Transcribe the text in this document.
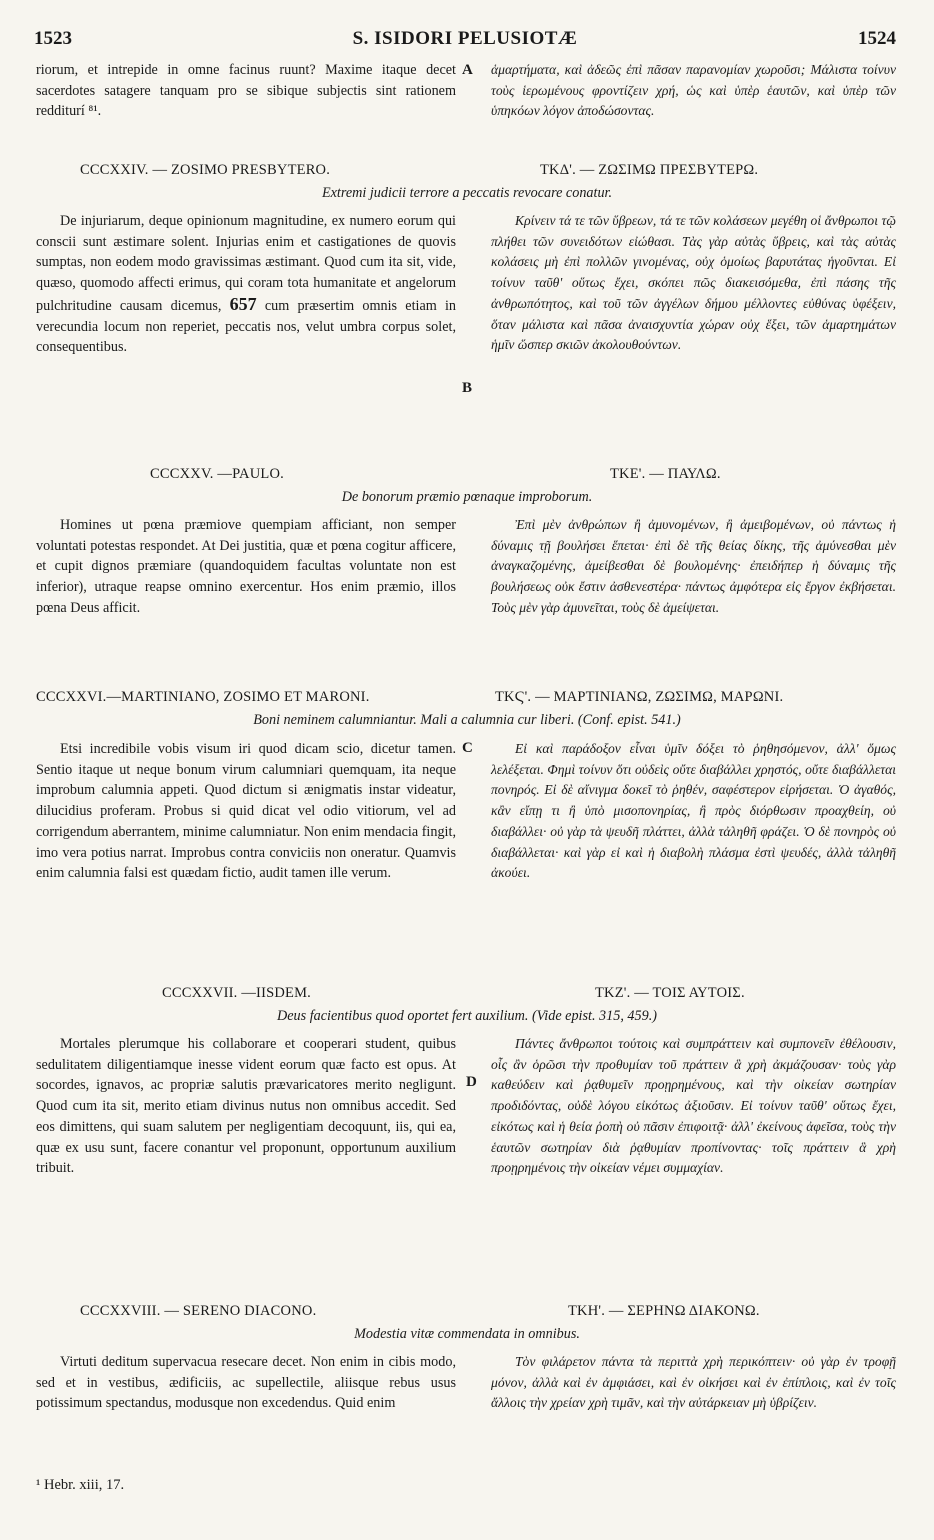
1523	S. ISIDORI PELUSIOTÆ	1524

riorum, et intrepide in omne facinus ruunt? Maxime itaque decet sacerdotes satagere tanquam pro se sibique subjectis sint rationem redditurí ⁸¹.

ἁμαρτήματα, καὶ ἀδεῶς ἐπὶ πᾶσαν παρανομίαν χωροῦσι; Μάλιστα τοίνυν τοὺς ἱερωμένους φροντίζειν χρή, ὡς καὶ ὑπὲρ ἑαυτῶν, καὶ ὑπὲρ τῶν ὑπηκόων λόγον ἀποδώσοντας.

A
CCCXXIV. — ZOSIMO PRESBYTERO.	ΤΚΔ'. — ΖΩΣΙΜΩ ΠΡΕΣΒΥΤΕΡΩ.
Extremi judicii terrore a peccatis revocare conatur.

De injuriarum, deque opinionum magnitudine, ex numero eorum qui conscii sunt æstimare solent. Injurias enim et castigationes de quovis sumptas, non eodem modo gravissimas æstimant. Quod cum ita sit, vide, quæso, quomodo affecti erimus, qui coram tota humanitate et angelorum pulchritudine causam dicemus, 657 cum præsertim omnis etiam in verecundia locum non reperiet, peccatis nos, velut umbra corpus solet, consequentibus.

Κρίνειν τά τε τῶν ὕβρεων, τά τε τῶν κολάσεων μεγέθη οἱ ἄνθρωποι τῷ πλήθει τῶν συνειδότων εἰώθασι. Τὰς γὰρ αὐτὰς ὕβρεις, καὶ τὰς αὐτὰς κολάσεις μὴ ἐπὶ πολλῶν γινομένας, οὐχ ὁμοίως βαρυτάτας ἡγοῦνται. Εἰ τοίνυν ταῦθ' οὕτως ἔχει, σκόπει πῶς διακεισόμεθα, ἐπὶ πάσης τῆς ἀνθρωπότητος, καὶ τοῦ τῶν ἀγγέλων δήμου μέλλοντες εὐθύνας ὑφέξειν, ὅταν μάλιστα καὶ πᾶσα ἀναισχυντία χώραν οὐχ ἕξει, τῶν ἁμαρτημάτων ἡμῖν ὥσπερ σκιῶν ἀκολουθούντων.

B
CCCXXV. —PAULO.	ΤΚΕ'. — ΠΑΥΛΩ.
De bonorum præmio pœnaque improborum.

Homines ut pœna præmiove quempiam afficiant, non semper voluntati potestas respondet. At Dei justitia, quæ et pœna cogitur afficere, et cupit dignos præmiare (quandoquidem facultas voluntate non est inferior), utraque reapse omnino exercentur. Hos enim præmio, illos pœna Deus afficit.

Ἐπὶ μὲν ἀνθρώπων ἢ ἀμυνομένων, ἢ ἀμειβομένων, οὐ πάντως ἡ δύναμις τῇ βουλήσει ἕπεται· ἐπὶ δὲ τῆς θείας δίκης, τῆς ἀμύνεσθαι μὲν ἀναγκαζομένης, ἀμείβεσθαι δὲ βουλομένης· ἐπειδήπερ ἡ δύναμις τῆς βουλήσεως οὐκ ἔστιν ἀσθενεστέρα· πάντως ἀμφότερα εἰς ἔργον ἐκβήσεται. Τοὺς μὲν γὰρ ἀμυνεῖται, τοὺς δὲ ἀμείψεται.

CCCXXVI.—MARTINIANO, ZOSIMO ET MARONI.	ΤΚϚ'. — ΜΑΡΤΙΝΙΑΝΩ, ΖΩΣΙΜΩ, ΜΑΡΩΝΙ.
Boni neminem calumniantur. Mali a calumnia cur liberi. (Conf. epist. 541.)

Etsi incredibile vobis visum iri quod dicam scio, dicetur tamen. Sentio itaque ut neque bonum virum calumniari quemquam, ita neque improbum calumnia appeti. Quod dictum si ænigmatis instar videatur, dilucidius proferam. Probus si quid dicat vel odio vitiorum, vel ad corrigendum aberrantem, minime calumniatur. Non enim mendacia fingit, imo vera potius narrat. Improbus contra conviciis non oneratur. Quamvis enim calumnia falsi est quædam fictio, audit tamen ille verum.

Εἰ καὶ παράδοξον εἶναι ὑμῖν δόξει τὸ ῥηθησόμενον, ἀλλ' ὅμως λελέξεται. Φημὶ τοίνυν ὅτι οὐδεὶς οὔτε διαβάλλει χρηστός, οὔτε διαβάλλεται πονηρός. Εἰ δὲ αἴνιγμα δοκεῖ τὸ ῥηθέν, σαφέστερον εἰρήσεται. Ὁ ἀγαθός, κἂν εἴπῃ τι ἢ ὑπὸ μισοπονηρίας, ἢ πρὸς διόρθωσιν προαχθείη, οὐ διαβάλλει· οὐ γὰρ τὰ ψευδῆ πλάττει, ἀλλὰ τἀληθῆ φράζει. Ὁ δὲ πονηρὸς οὐ διαβάλλεται· καὶ γὰρ εἰ καὶ ἡ διαβολὴ πλάσμα ἐστὶ ψευδές, ἀλλὰ τἀληθῆ ἀκούει.

C
CCCXXVII. —IISDEM.	ΤΚΖ'. — ΤΟΙΣ ΑΥΤΟΙΣ.
Deus facientibus quod oportet fert auxilium. (Vide epist. 315, 459.)

Mortales plerumque his collaborare et cooperari student, quibus sedulitatem diligentiamque inesse vident eorum quæ facto est opus. At socordes, ignavos, ac propriæ salutis prævaricatores merito negligunt. Quod cum ita sit, merito etiam divinus nutus non omnibus accedit. Sed eos dimittens, qui suam salutem per negligentiam decoquunt, iis, qui ea, quæ ex usu sunt, facere conantur vel proponunt, opportunum auxilium tribuit.

Πάντες ἄνθρωποι τούτοις καὶ συμπράττειν καὶ συμπονεῖν ἐθέλουσιν, οἷς ἂν ὁρῶσι τὴν προθυμίαν τοῦ πράττειν ἃ χρὴ ἀκμάζουσαν· τοὺς γὰρ καθεύδειν καὶ ῥᾳθυμεῖν προῃρημένους, καὶ τὴν οἰκείαν σωτηρίαν προδιδόντας, οὐδὲ λόγου εἰκότως ἀξιοῦσιν. Εἰ τοίνυν ταῦθ' οὕτως ἔχει, εἰκότως καὶ ἡ θεία ῥοπὴ οὐ πᾶσιν ἐπιφοιτᾷ· ἀλλ' ἐκείνους ἀφεῖσα, τοὺς τὴν ἑαυτῶν σωτηρίαν διὰ ῥᾳθυμίαν προπίνοντας· τοῖς πράττειν ἃ χρὴ προῃρημένοις τὴν οἰκείαν νέμει συμμαχίαν.

D
CCCXXVIII. — SERENO DIACONO.	ΤΚΗ'. — ΣΕΡΗΝΩ ΔΙΑΚΟΝΩ.
Modestia vitæ commendata in omnibus.

Virtuti deditum supervacua resecare decet. Non enim in cibis modo, sed et in vestibus, ædificiis, ac supellectile, aliisque rebus usus potissimum spectandus, modusque non excedendus. Quid enim

Τὸν φιλάρετον πάντα τὰ περιττὰ χρὴ περικόπτειν· οὐ γὰρ ἐν τροφῇ μόνον, ἀλλὰ καὶ ἐν ἀμφιάσει, καὶ ἐν οἰκήσει καὶ ἐν ἐπίπλοις, καὶ ἐν τοῖς ἄλλοις τὴν χρείαν χρὴ τιμᾶν, καὶ τὴν αὐτάρκειαν μὴ ὑβρίζειν.

¹ Hebr. xiii, 17.
